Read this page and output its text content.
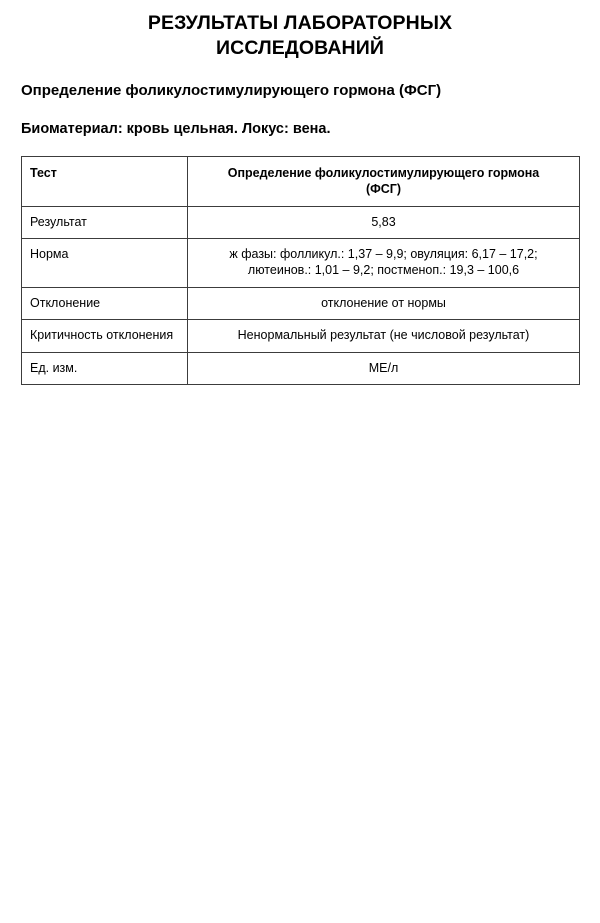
РЕЗУЛЬТАТЫ ЛАБОРАТОРНЫХ
ИССЛЕДОВАНИЙ
Определение фоликулостимулирующего гормона (ФСГ)
Биоматериал: кровь цельная. Локус: вена.
Тест	Определение фоликулостимулирующего гормона
(ФСГ)

Результат	5,83
Норма	ж фазы: фолликул.: 1,37 – 9,9; овуляция: 6,17 – 17,2;
лютеинов.: 1,01 – 9,2; постменоп.: 19,3 – 100,6

Отклонение	отклонение от нормы
Критичность отклонения	Ненормальный результат (не числовой результат)
Ед. изм.	МЕ/л
